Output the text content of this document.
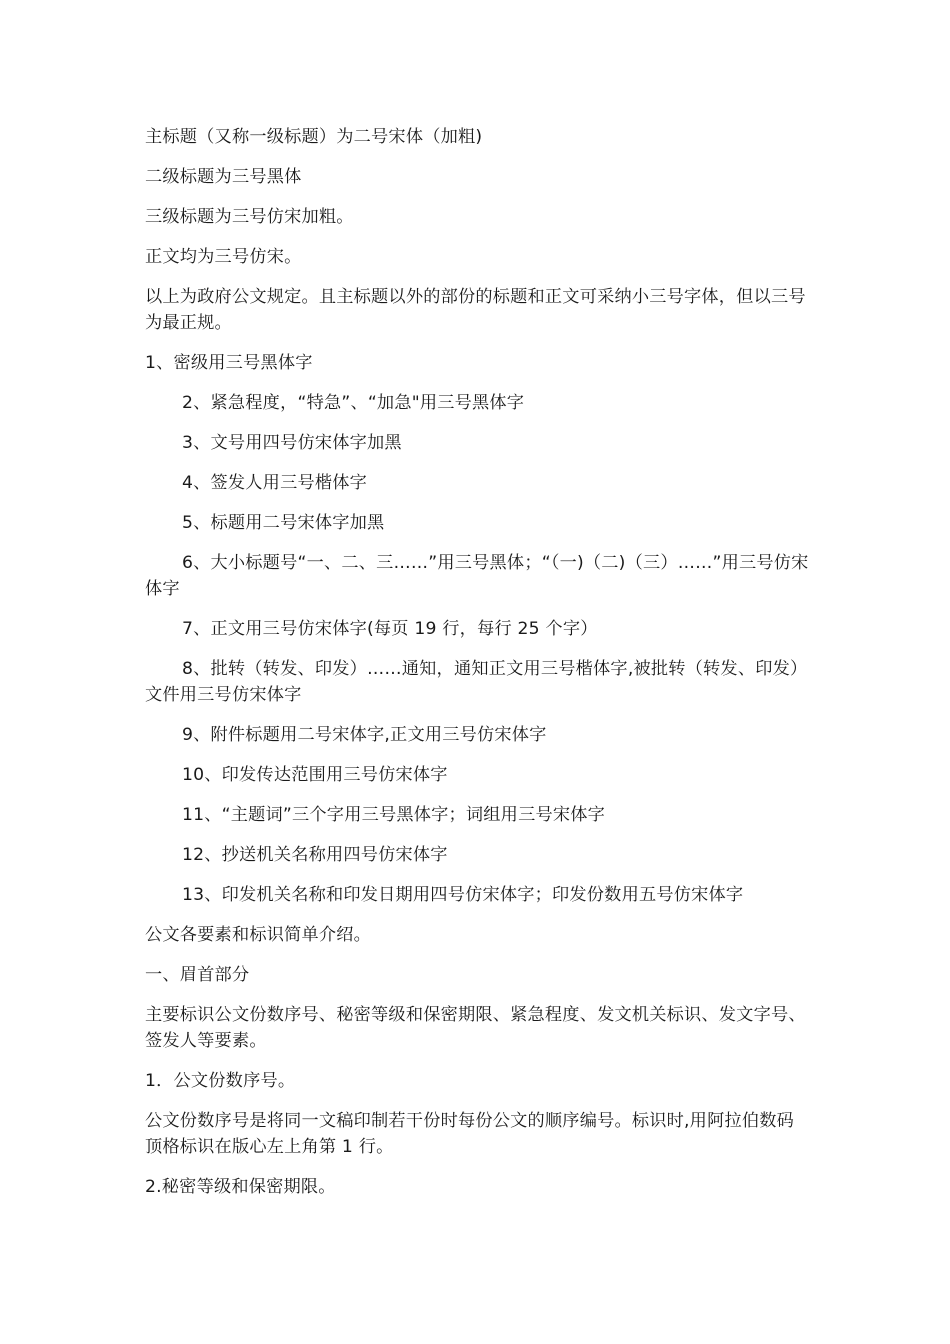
主标题（又称一级标题）为二号宋体（加粗)

二级标题为三号黑体

三级标题为三号仿宋加粗。

正文均为三号仿宋。

以上为政府公文规定。且主标题以外的部份的标题和正文可采纳小三号字体，但以三号为最正规。

1、密级用三号黑体字

2、紧急程度，“特急”、“加急"用三号黑体字

3、文号用四号仿宋体字加黑

4、签发人用三号楷体字

5、标题用二号宋体字加黑

6、大小标题号“一、二、三……”用三号黑体；“（一)（二)（三）……”用三号仿宋体字

7、正文用三号仿宋体字(每页 19 行，每行 25 个字）

8、批转（转发、印发）……通知，通知正文用三号楷体字,被批转（转发、印发）文件用三号仿宋体字

9、附件标题用二号宋体字,正文用三号仿宋体字

10、印发传达范围用三号仿宋体字

11、“主题词”三个字用三号黑体字；词组用三号宋体字

12、抄送机关名称用四号仿宋体字

13、印发机关名称和印发日期用四号仿宋体字；印发份数用五号仿宋体字

公文各要素和标识简单介绍。

一、眉首部分

主要标识公文份数序号、秘密等级和保密期限、紧急程度、发文机关标识、发文字号、签发人等要素。

1．公文份数序号。

公文份数序号是将同一文稿印制若干份时每份公文的顺序编号。标识时,用阿拉伯数码顶格标识在版心左上角第 1 行。

2.秘密等级和保密期限。
